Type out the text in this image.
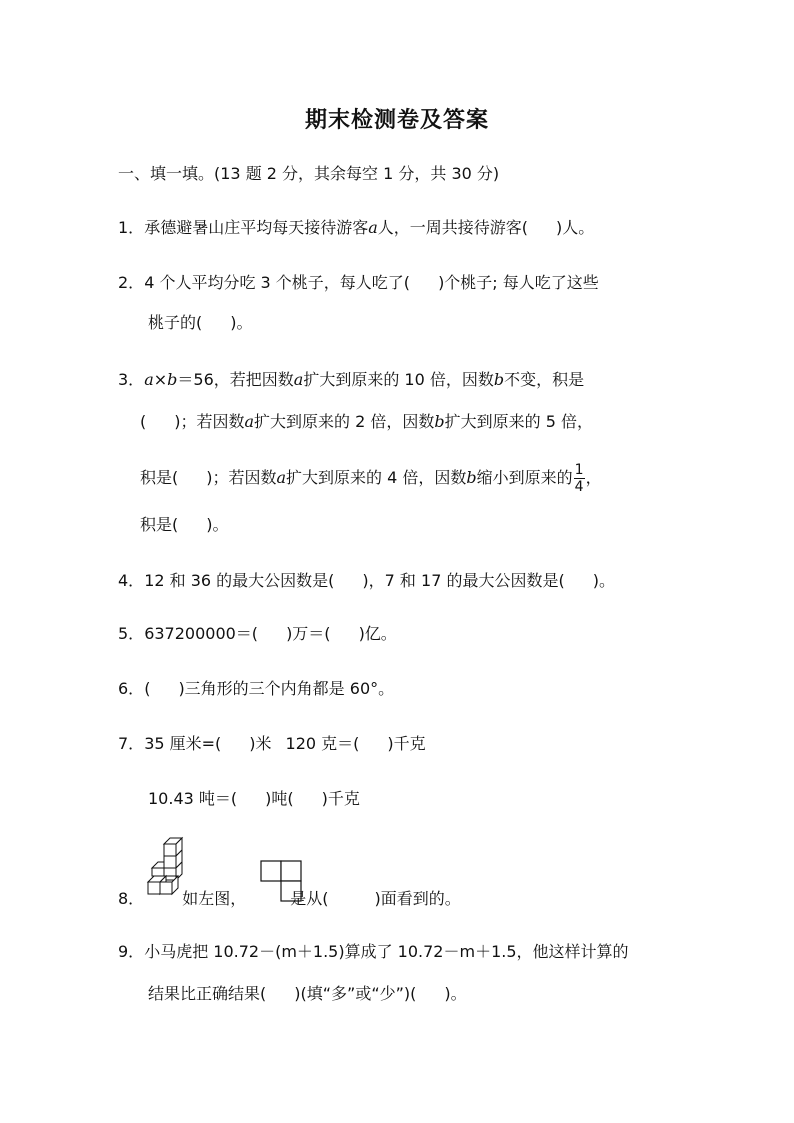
期末检测卷及答案
一、填一填。(13 题 2 分，其余每空 1 分，共 30 分)
1．承德避暑山庄平均每天接待游客a人，一周共接待游客( )人。
2．4 个人平均分吃 3 个桃子，每人吃了( )个桃子; 每人吃了这些
桃子的( )。
3．a×b＝56，若把因数a扩大到原来的 10 倍，因数b不变，积是
( )；若因数a扩大到原来的 2 倍，因数b扩大到原来的 5 倍，
积是( )；若因数a扩大到原来的 4 倍，因数b缩小到原来的 $\frac{1}{4}$ ，
积是( )。
4．12 和 36 的最大公因数是( )，7 和 17 的最大公因数是( )。
5．637200000＝( )万＝( )亿。
6．( )三角形的三个内角都是 60°。
7．35 厘米=( )米 120 克＝( )千克
10.43 吨＝( )吨( )千克
8． 如左图，	是从(	)面看到的。
9．小马虎把 10.72－(m＋1.5)算成了 10.72－m＋1.5，他这样计算的
结果比正确结果( )(填“多”或“少”)( )。
